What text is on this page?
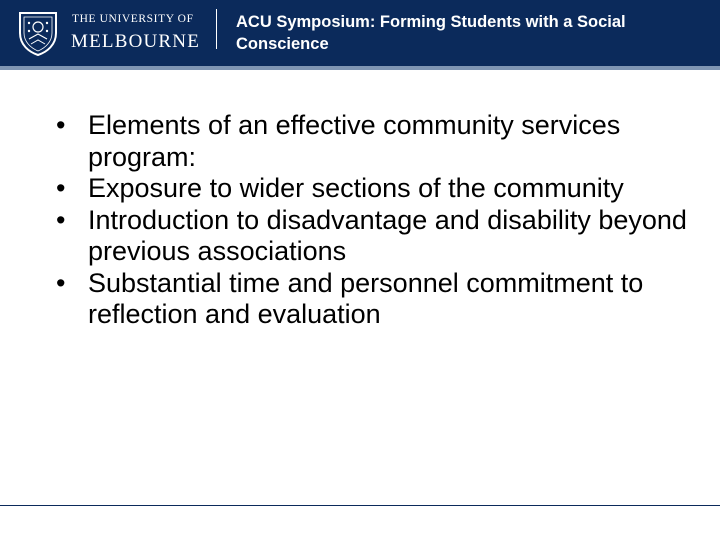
THE UNIVERSITY OF
MELBOURNE
ACU Symposium: Forming Students with a Social Conscience
• Elements of an effective community services program:
• Exposure to wider sections of the community
• Introduction to disadvantage and disability beyond previous associations
• Substantial time and personnel commitment to reflection and evaluation
